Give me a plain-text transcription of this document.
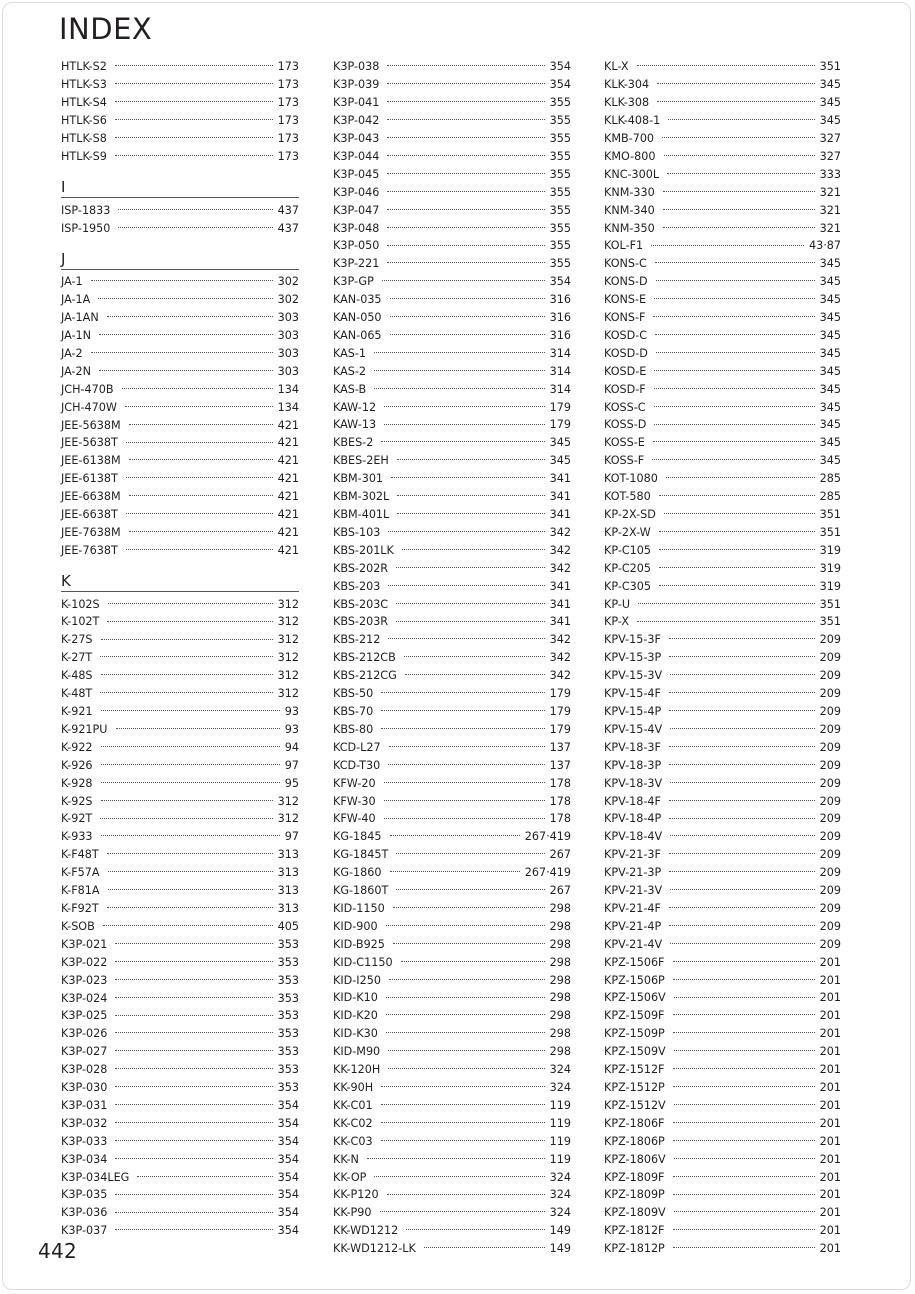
INDEX
HTLK-S2	173
HTLK-S3	173
HTLK-S4	173
HTLK-S6	173
HTLK-S8	173
HTLK-S9	173
I
ISP-1833	437
ISP-1950	437
J
JA-1	302
JA-1A	302
JA-1AN	303
JA-1N	303
JA-2	303
JA-2N	303
JCH-470B	134
JCH-470W	134
JEE-5638M	421
JEE-5638T	421
JEE-6138M	421
JEE-6138T	421
JEE-6638M	421
JEE-6638T	421
JEE-7638M	421
JEE-7638T	421
K
K-102S	312
K-102T	312
K-27S	312
K-27T	312
K-48S	312
K-48T	312
K-921	93
K-921PU	93
K-922	94
K-926	97
K-928	95
K-92S	312
K-92T	312
K-933	97
K-F48T	313
K-F57A	313
K-F81A	313
K-F92T	313
K-SOB	405
K3P-021	353
K3P-022	353
K3P-023	353
K3P-024	353
K3P-025	353
K3P-026	353
K3P-027	353
K3P-028	353
K3P-030	353
K3P-031	354
K3P-032	354
K3P-033	354
K3P-034	354
K3P-034LEG	354
K3P-035	354
K3P-036	354
K3P-037	354
K3P-038	354
K3P-039	354
K3P-041	355
K3P-042	355
K3P-043	355
K3P-044	355
K3P-045	355
K3P-046	355
K3P-047	355
K3P-048	355
K3P-050	355
K3P-221	355
K3P-GP	354
KAN-035	316
KAN-050	316
KAN-065	316
KAS-1	314
KAS-2	314
KAS-B	314
KAW-12	179
KAW-13	179
KBES-2	345
KBES-2EH	345
KBM-301	341
KBM-302L	341
KBM-401L	341
KBS-103	342
KBS-201LK	342
KBS-202R	342
KBS-203	341
KBS-203C	341
KBS-203R	341
KBS-212	342
KBS-212CB	342
KBS-212CG	342
KBS-50	179
KBS-70	179
KBS-80	179
KCD-L27	137
KCD-T30	137
KFW-20	178
KFW-30	178
KFW-40	178
KG-1845	267·419
KG-1845T	267
KG-1860	267·419
KG-1860T	267
KID-1150	298
KID-900	298
KID-B925	298
KID-C1150	298
KID-I250	298
KID-K10	298
KID-K20	298
KID-K30	298
KID-M90	298
KK-120H	324
KK-90H	324
KK-C01	119
KK-C02	119
KK-C03	119
KK-N	119
KK-OP	324
KK-P120	324
KK-P90	324
KK-WD1212	149
KK-WD1212-LK	149
KL-X	351
KLK-304	345
KLK-308	345
KLK-408-1	345
KMB-700	327
KMO-800	327
KNC-300L	333
KNM-330	321
KNM-340	321
KNM-350	321
KOL-F1	43·87
KONS-C	345
KONS-D	345
KONS-E	345
KONS-F	345
KOSD-C	345
KOSD-D	345
KOSD-E	345
KOSD-F	345
KOSS-C	345
KOSS-D	345
KOSS-E	345
KOSS-F	345
KOT-1080	285
KOT-580	285
KP-2X-SD	351
KP-2X-W	351
KP-C105	319
KP-C205	319
KP-C305	319
KP-U	351
KP-X	351
KPV-15-3F	209
KPV-15-3P	209
KPV-15-3V	209
KPV-15-4F	209
KPV-15-4P	209
KPV-15-4V	209
KPV-18-3F	209
KPV-18-3P	209
KPV-18-3V	209
KPV-18-4F	209
KPV-18-4P	209
KPV-18-4V	209
KPV-21-3F	209
KPV-21-3P	209
KPV-21-3V	209
KPV-21-4F	209
KPV-21-4P	209
KPV-21-4V	209
KPZ-1506F	201
KPZ-1506P	201
KPZ-1506V	201
KPZ-1509F	201
KPZ-1509P	201
KPZ-1509V	201
KPZ-1512F	201
KPZ-1512P	201
KPZ-1512V	201
KPZ-1806F	201
KPZ-1806P	201
KPZ-1806V	201
KPZ-1809F	201
KPZ-1809P	201
KPZ-1809V	201
KPZ-1812F	201
KPZ-1812P	201
442
